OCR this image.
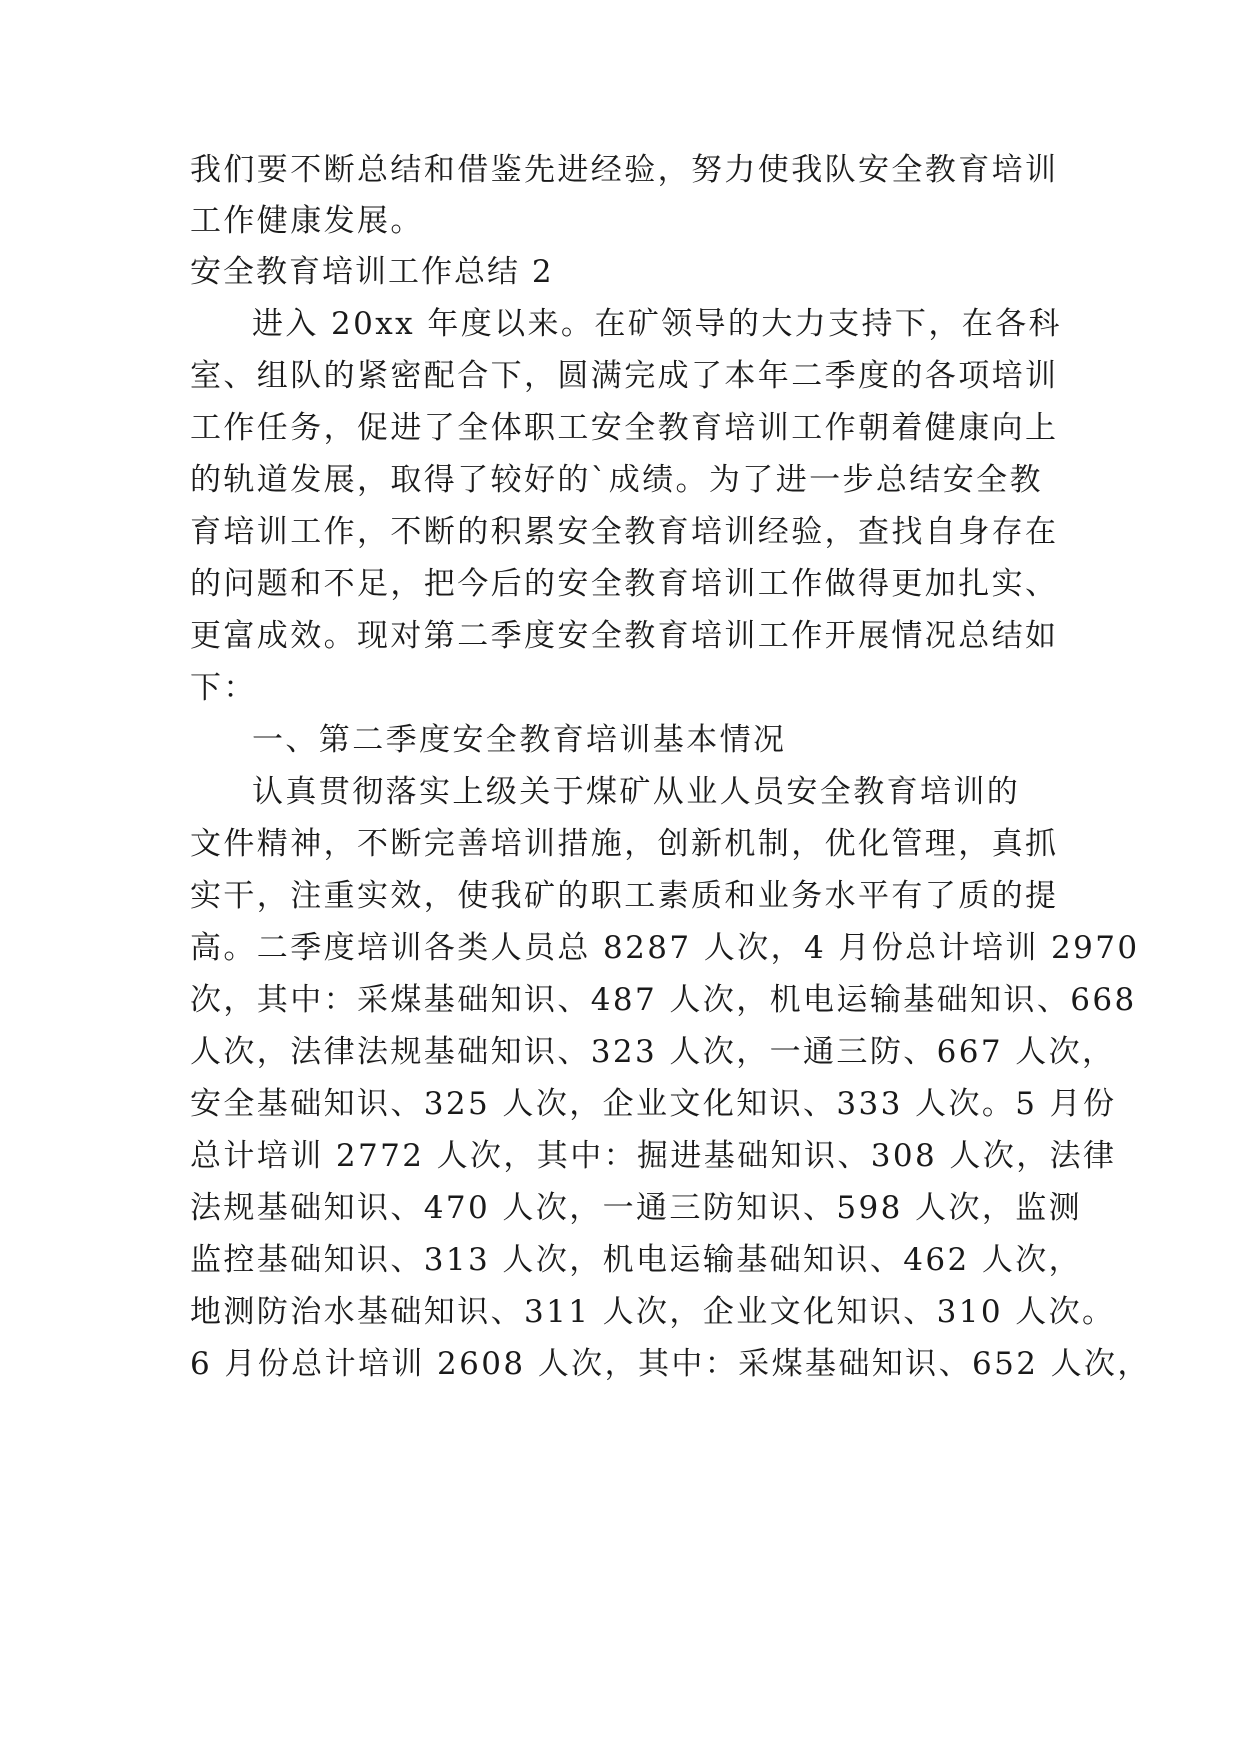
我们要不断总结和借鉴先进经验，努力使我队安全教育培训
工作健康发展。
安全教育培训工作总结 2
进入 20xx 年度以来。在矿领导的大力支持下，在各科
室、组队的紧密配合下，圆满完成了本年二季度的各项培训
工作任务，促进了全体职工安全教育培训工作朝着健康向上
的轨道发展，取得了较好的`成绩。为了进一步总结安全教
育培训工作，不断的积累安全教育培训经验，查找自身存在
的问题和不足，把今后的安全教育培训工作做得更加扎实、
更富成效。现对第二季度安全教育培训工作开展情况总结如
下：
一、第二季度安全教育培训基本情况
认真贯彻落实上级关于煤矿从业人员安全教育培训的
文件精神，不断完善培训措施，创新机制，优化管理，真抓
实干，注重实效，使我矿的职工素质和业务水平有了质的提
高。二季度培训各类人员总 8287 人次，4 月份总计培训 2970
次，其中：采煤基础知识、487 人次，机电运输基础知识、668
人次，法律法规基础知识、323 人次，一通三防、667 人次，
安全基础知识、325 人次，企业文化知识、333 人次。5 月份
总计培训 2772 人次，其中：掘进基础知识、308 人次，法律
法规基础知识、470 人次，一通三防知识、598 人次，监测
监控基础知识、313 人次，机电运输基础知识、462 人次，
地测防治水基础知识、311 人次，企业文化知识、310 人次。
6 月份总计培训 2608 人次，其中：采煤基础知识、652 人次，
